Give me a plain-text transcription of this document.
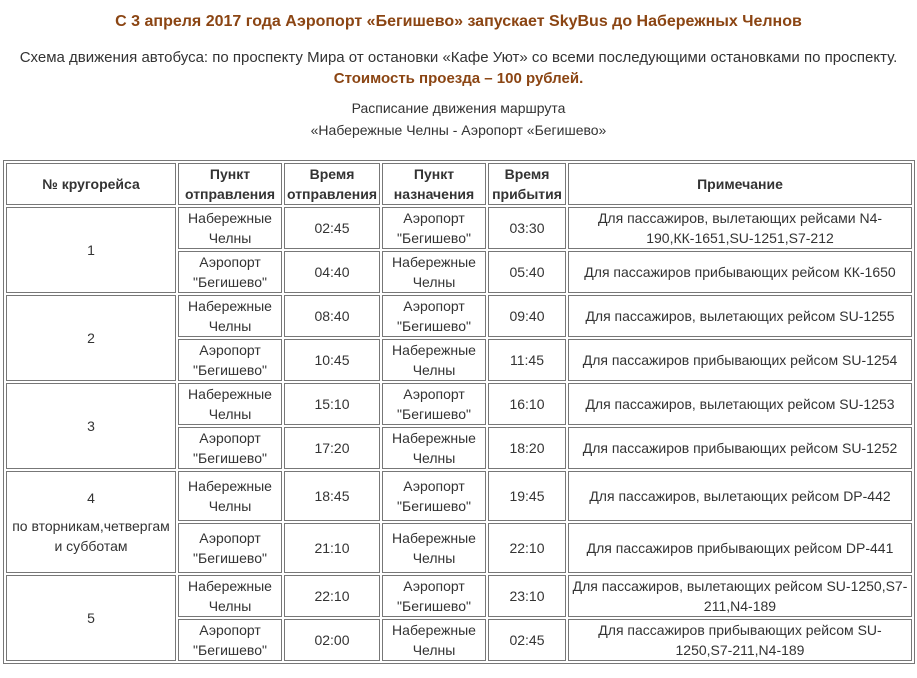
С 3 апреля 2017 года Аэропорт «Бегишево» запускает SkyBus до Набережных Челнов
Схема движения автобуса: по проспекту Мира от остановки «Кафе Уют» со всеми последующими остановками по проспекту.
Стоимость проезда – 100 рублей.
Расписание движения маршрута
«Набережные Челны - Аэропорт «Бегишево»
№ кругорейса	Пункт отправления	Время отправления	Пункт назначения	Время прибытия	Примечание

1	Набережные Челны	02:45	Аэропорт "Бегишево"	03:30	Для пассажиров, вылетающих рейсами N4-190,КК-1651,SU-1251,S7-212
	Аэропорт "Бегишево"	04:40	Набережные Челны	05:40	Для пассажиров прибывающих рейсом КК-1650

2	Набережные Челны	08:40	Аэропорт "Бегишево"	09:40	Для пассажиров, вылетающих рейсом SU-1255
	Аэропорт "Бегишево"	10:45	Набережные Челны	11:45	Для пассажиров прибывающих рейсом SU-1254

3	Набережные Челны	15:10	Аэропорт "Бегишево"	16:10	Для пассажиров, вылетающих рейсом SU-1253
	Аэропорт "Бегишево"	17:20	Набережные Челны	18:20	Для пассажиров прибывающих рейсом SU-1252

4
по вторникам,четвергам и субботам	Набережные Челны	18:45	Аэропорт "Бегишево"	19:45	Для пассажиров, вылетающих рейсом DP-442
	Аэропорт "Бегишево"	21:10	Набережные Челны	22:10	Для пассажиров прибывающих рейсом DP-441

5	Набережные Челны	22:10	Аэропорт "Бегишево"	23:10	Для пассажиров, вылетающих рейсом SU-1250,S7-211,N4-189
	Аэропорт "Бегишево"	02:00	Набережные Челны	02:45	Для пассажиров прибывающих рейсом SU-1250,S7-211,N4-189
